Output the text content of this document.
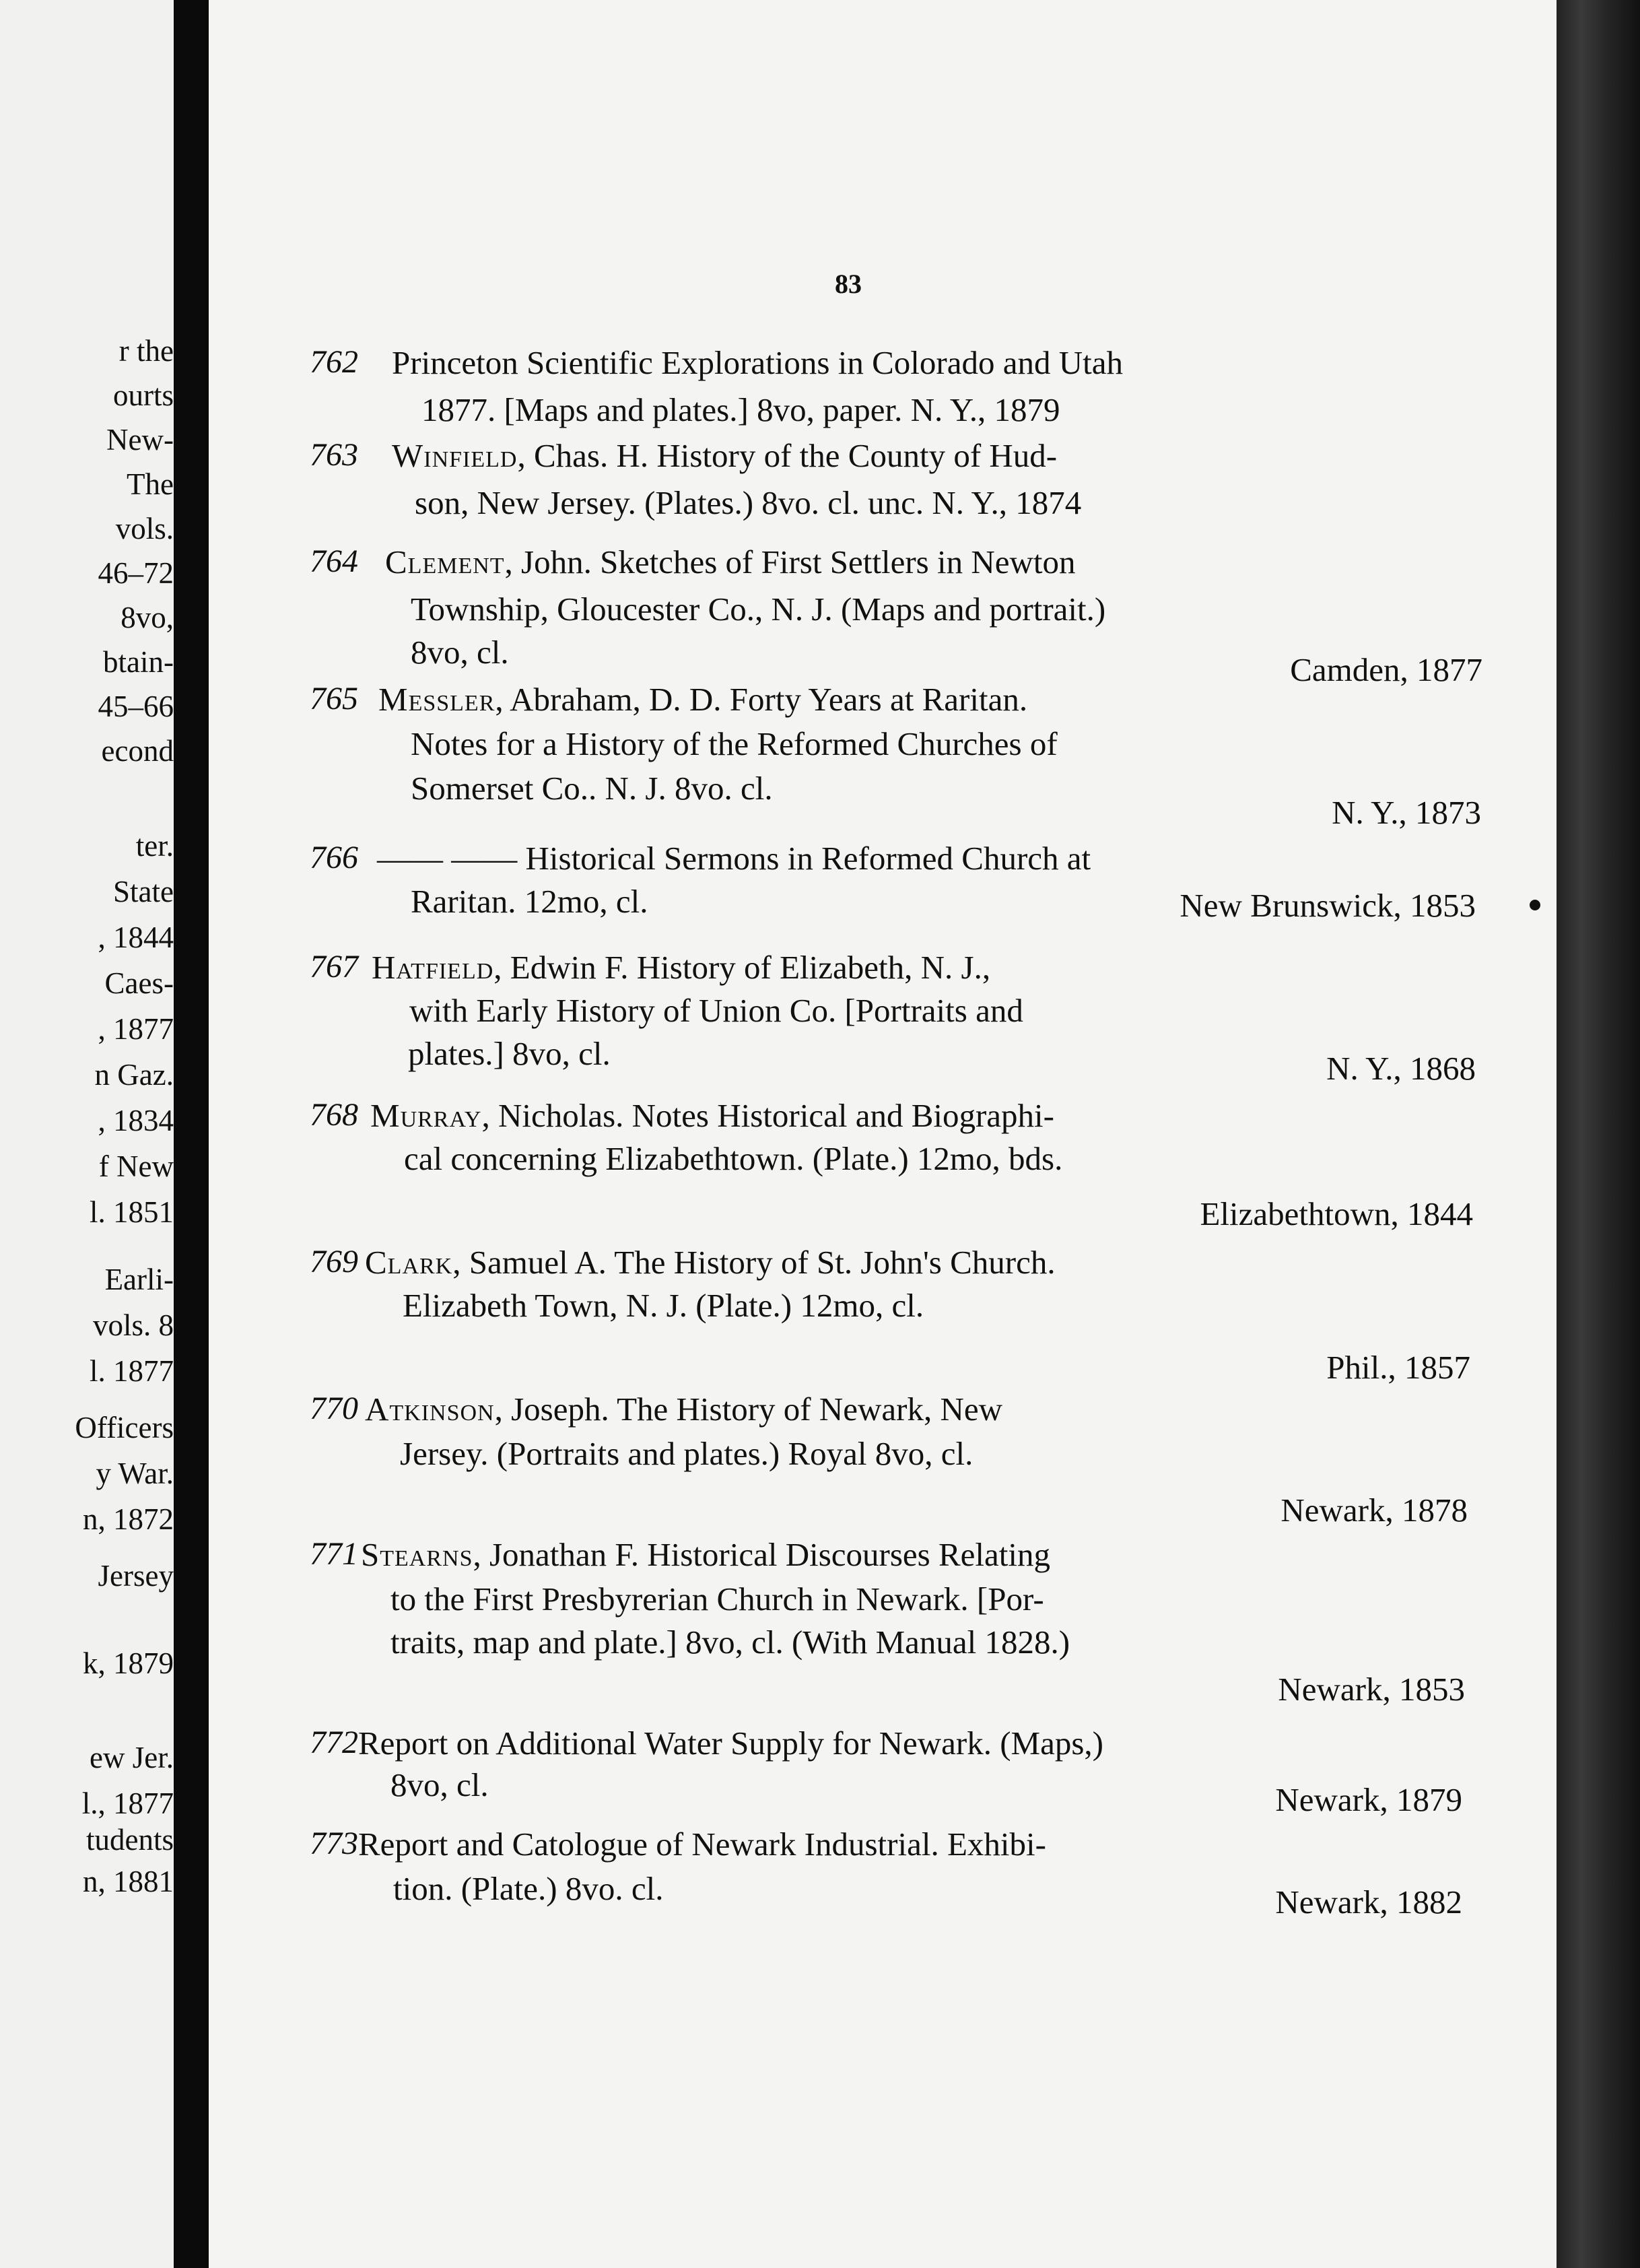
r the
ourts
New-
The
vols.
46–72
8vo,
btain-
45–66
econd
ter.
State
, 1844
Caes-
, 1877
n Gaz.
, 1834
f New
l. 1851
Earli-
vols. 8
l. 1877
Officers
y War.
n, 1872
Jersey
k, 1879
ew Jer.
l., 1877
tudents
n, 1881
83
762 Princeton Scientific Explorations in Colorado and Utah
1877. [Maps and plates.] 8vo, paper. N. Y., 1879
763 Winfield, Chas. H. History of the County of Hud-
son, New Jersey. (Plates.) 8vo. cl. unc. N. Y., 1874
764 Clement, John. Sketches of First Settlers in Newton
Township, Gloucester Co., N. J. (Maps and portrait.)
8vo, cl.	Camden, 1877
765 Messler, Abraham, D. D. Forty Years at Raritan.
Notes for a History of the Reformed Churches of
Somerset Co.. N. J. 8vo. cl.
N. Y., 1873
766 —— —— Historical Sermons in Reformed Church at
Raritan. 12mo, cl.	New Brunswick, 1853
767 Hatfield, Edwin F. History of Elizabeth, N. J.,
with Early History of Union Co. [Portraits and
plates.] 8vo, cl.	N. Y., 1868
768 Murray, Nicholas. Notes Historical and Biographi-
cal concerning Elizabethtown. (Plate.) 12mo, bds.
Elizabethtown, 1844
769 Clark, Samuel A. The History of St. John's Church.
Elizabeth Town, N. J. (Plate.) 12mo, cl.
Phil., 1857
770 Atkinson, Joseph. The History of Newark, New
Jersey. (Portraits and plates.) Royal 8vo, cl.
Newark, 1878
771 Stearns, Jonathan F. Historical Discourses Relating
to the First Presbyrerian Church in Newark. [Por-
traits, map and plate.] 8vo, cl. (With Manual 1828.)
Newark, 1853
772 Report on Additional Water Supply for Newark. (Maps,)
8vo, cl.	Newark, 1879
773 Report and Catologue of Newark Industrial. Exhibi-
tion. (Plate.) 8vo. cl.	Newark, 1882
